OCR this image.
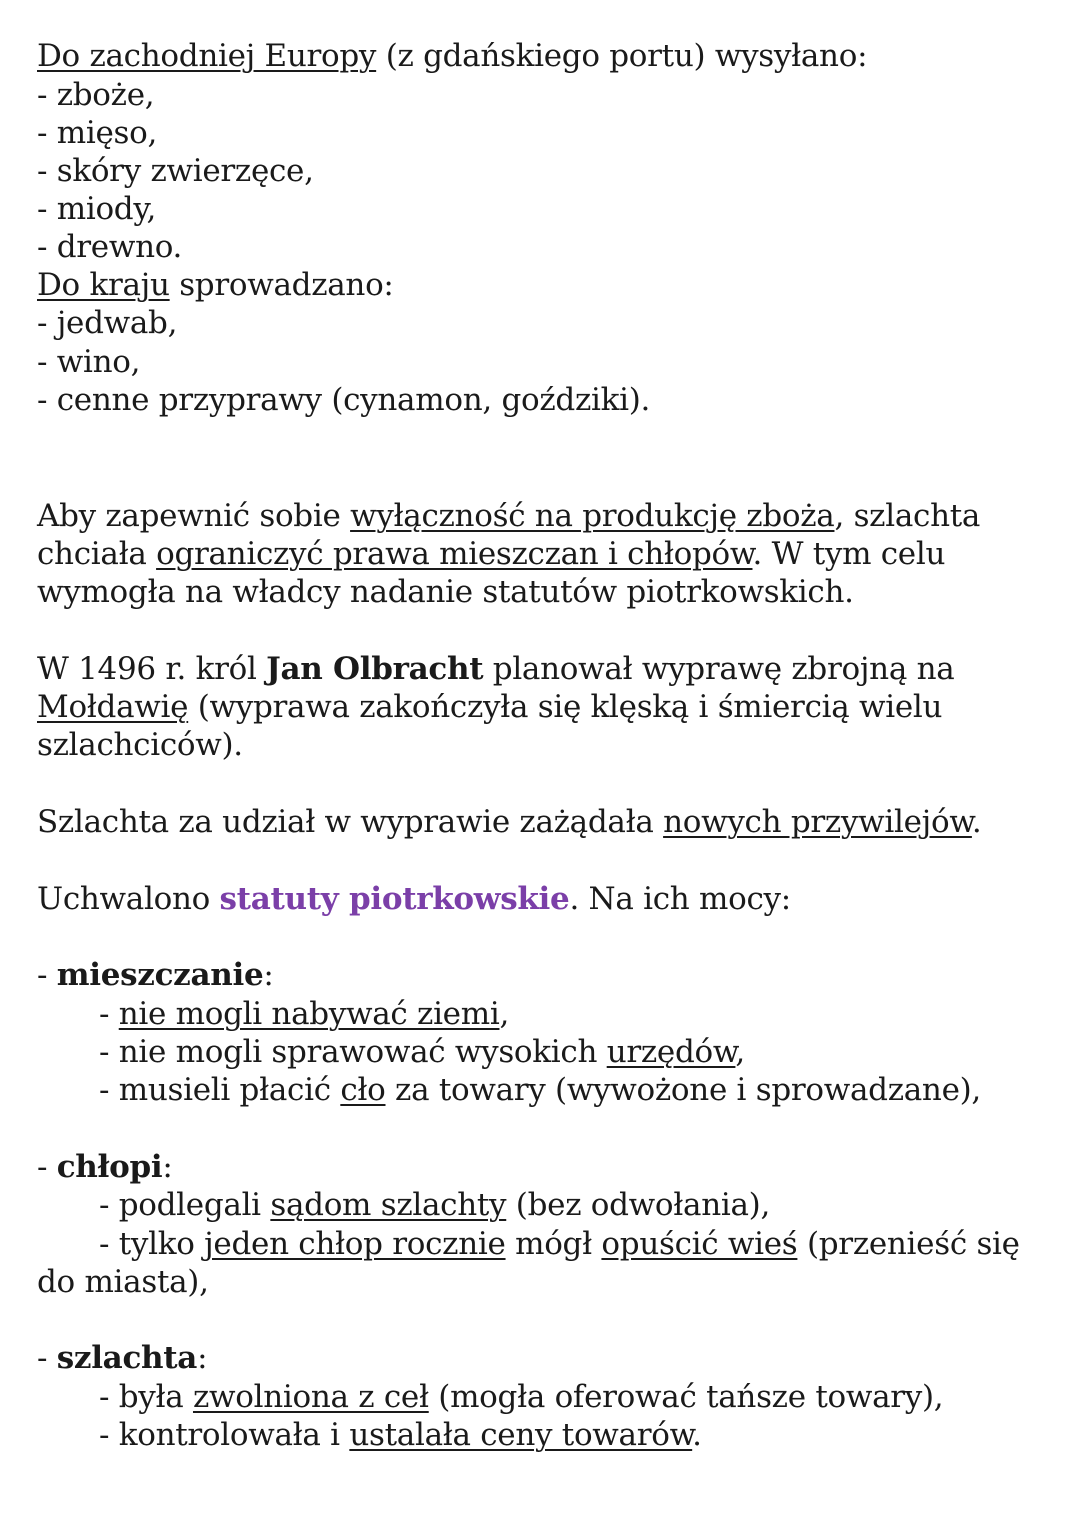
Do zachodniej Europy (z gdańskiego portu) wysyłano:
- zboże,
- mięso,
- skóry zwierzęce,
- miody,
- drewno.
Do kraju sprowadzano:
- jedwab,
- wino,
- cenne przyprawy (cynamon, goździki).
Aby zapewnić sobie wyłączność na produkcję zboża, szlachta
chciała ograniczyć prawa mieszczan i chłopów. W tym celu
wymogła na władcy nadanie statutów piotrkowskich.
W 1496 r. król Jan Olbracht planował wyprawę zbrojną na
Mołdawię (wyprawa zakończyła się klęską i śmiercią wielu
szlachciców).
Szlachta za udział w wyprawie zażądała nowych przywilejów.
Uchwalono statuty piotrkowskie. Na ich mocy:
- mieszczanie:
- nie mogli nabywać ziemi,
- nie mogli sprawować wysokich urzędów,
- musieli płacić cło za towary (wywożone i sprowadzane),
- chłopi:
- podlegali sądom szlachty (bez odwołania),
- tylko jeden chłop rocznie mógł opuścić wieś (przenieść się
do miasta),
- szlachta:
- była zwolniona z ceł (mogła oferować tańsze towary),
- kontrolowała i ustalała ceny towarów.
